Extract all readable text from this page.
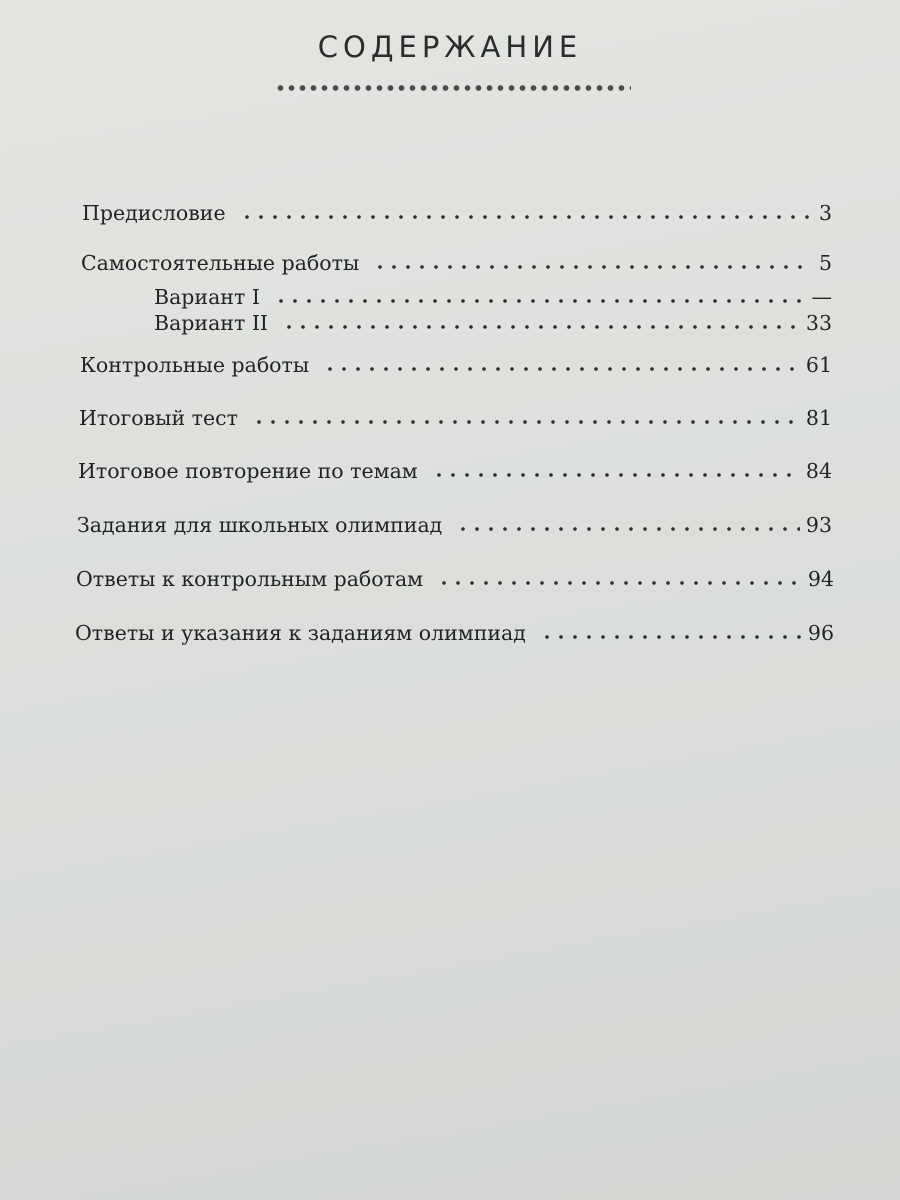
СОДЕРЖАНИЕ
Предисловие	3
Самостоятельные работы	5
Вариант I	—
Вариант II	33
Контрольные работы	61
Итоговый тест	81
Итоговое повторение по темам	84
Задания для школьных олимпиад	93
Ответы к контрольным работам	94
Ответы и указания к заданиям олимпиад	96
